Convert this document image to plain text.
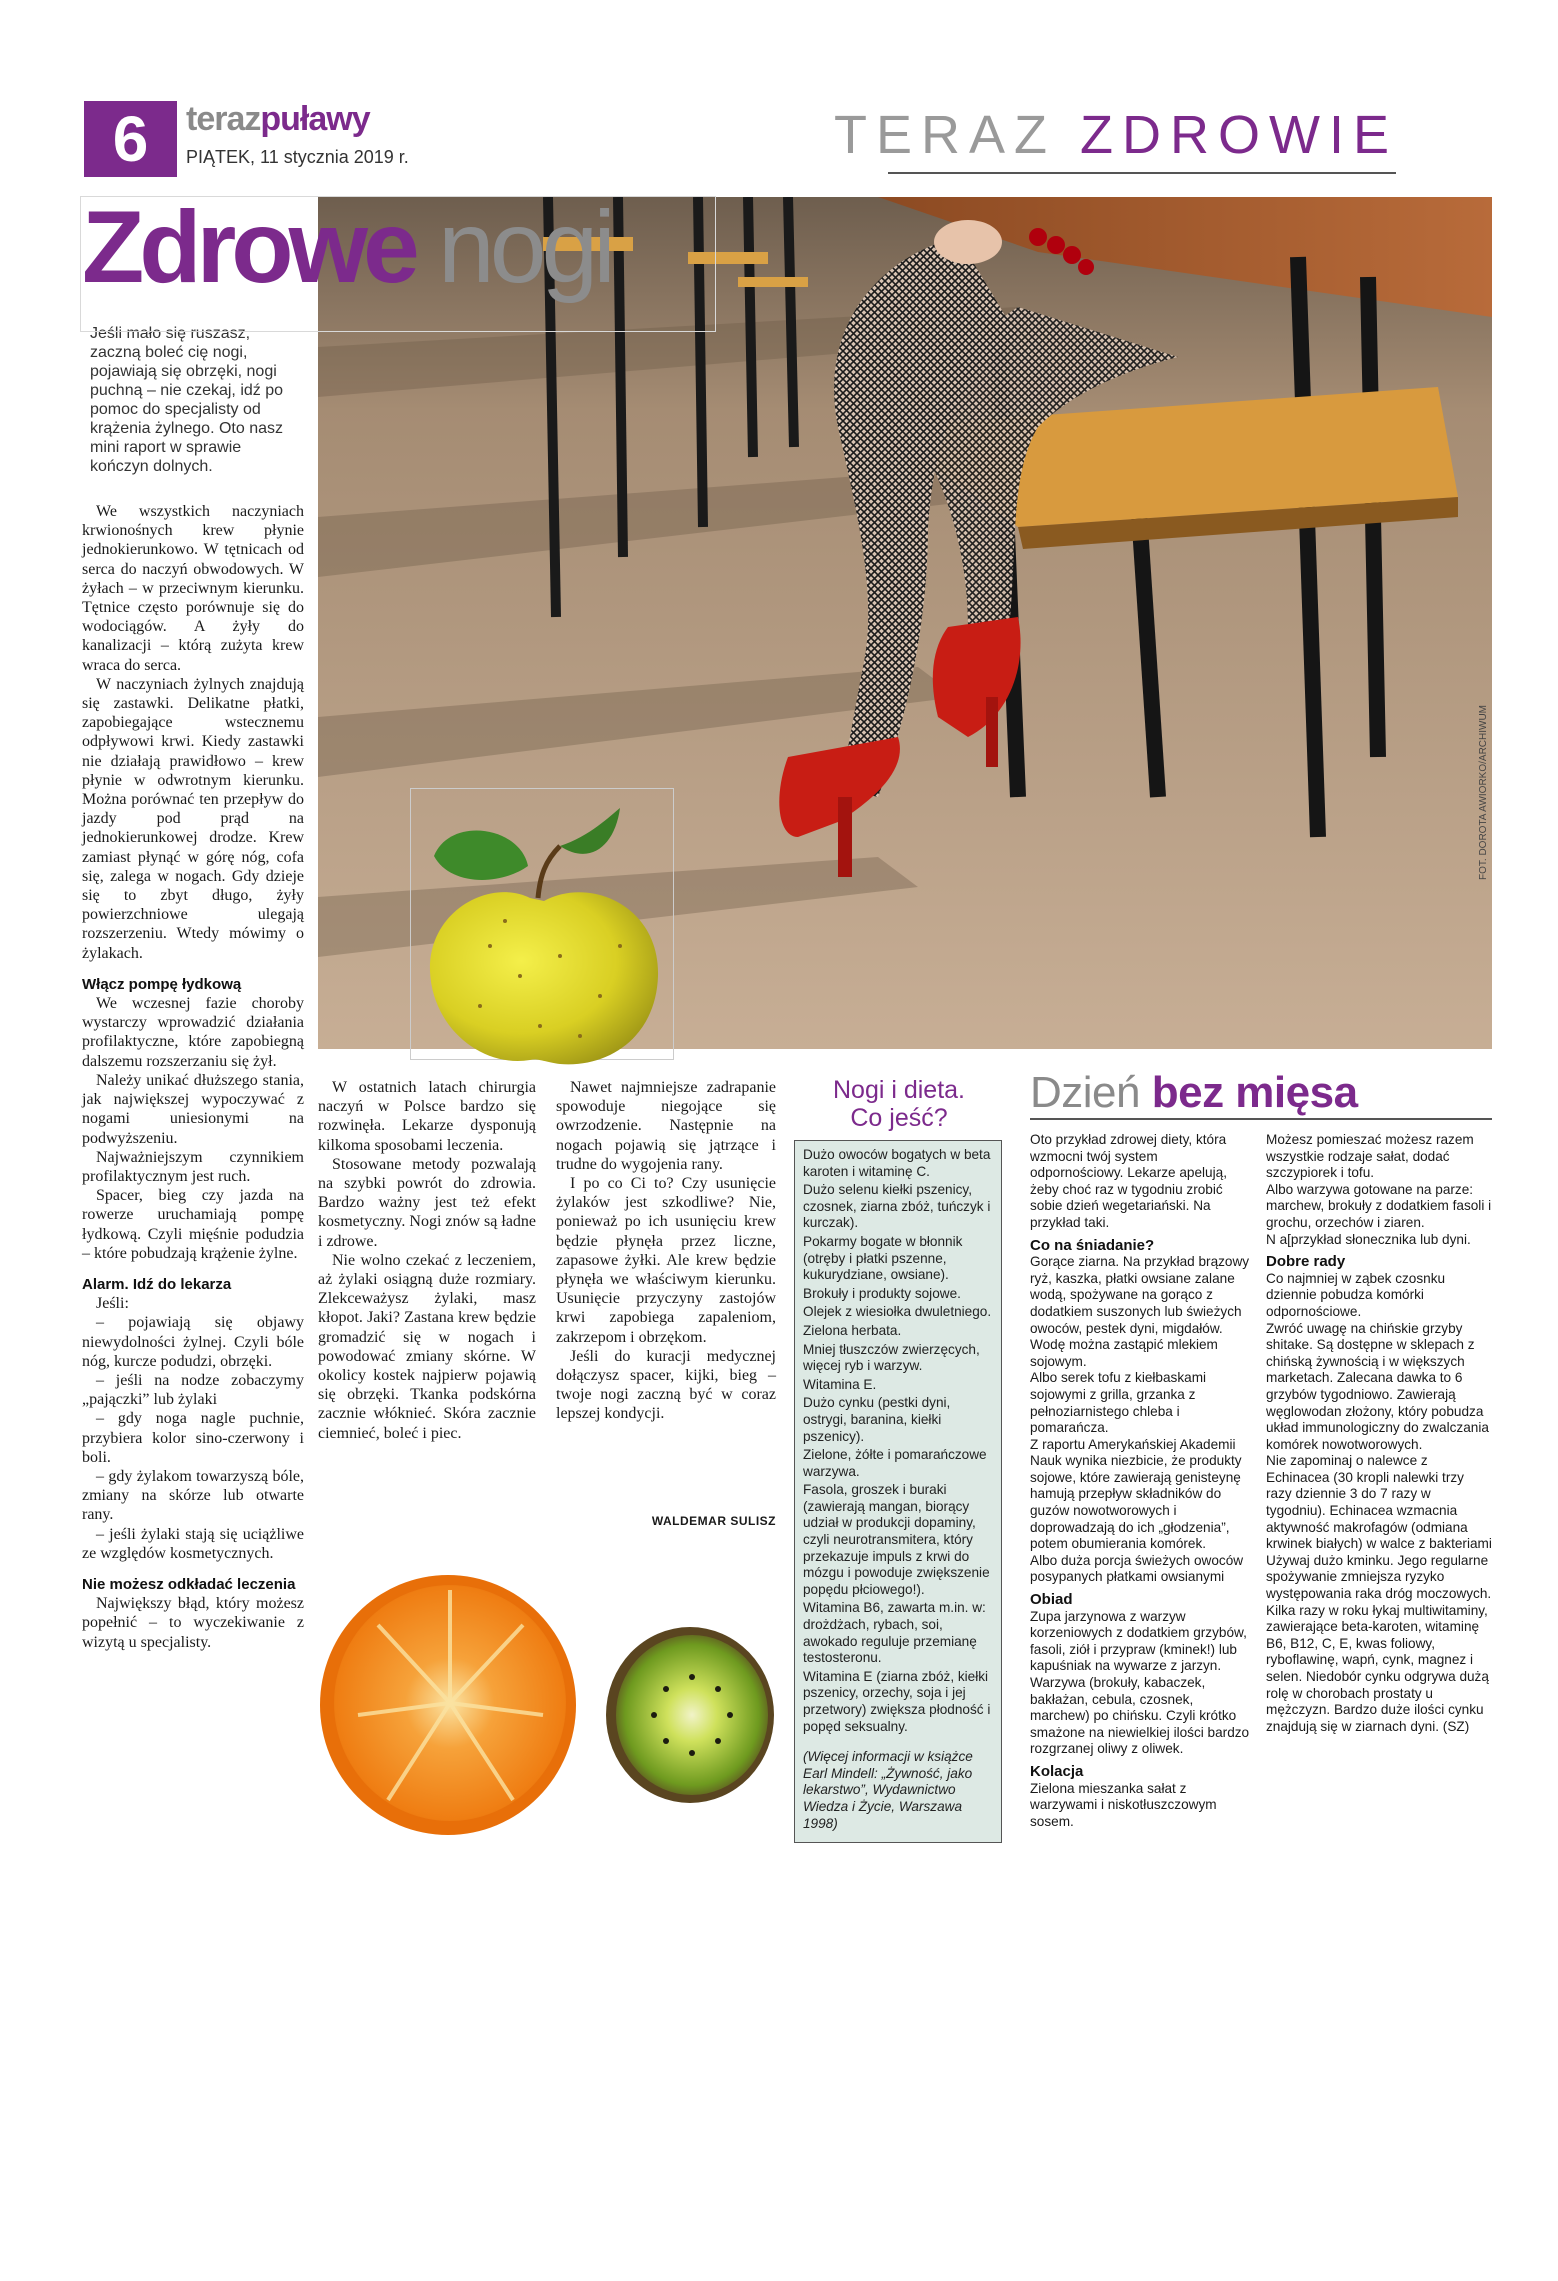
6	terazpuławy
PIĄTEK, 11 stycznia 2019 r.	TERAZ ZDROWIE
FOT. DOROTA AWIORKO/ARCHIWUM
Zdrowe nogi
Jeśli mało się ruszasz, zaczną boleć cię nogi, pojawiają się obrzęki, nogi puchną – nie czekaj, idź po pomoc do specjalisty od krążenia żylnego. Oto nasz mini raport w sprawie kończyn dolnych.

We wszystkich naczyniach krwionośnych krew płynie jednokierunkowo. W tętnicach od serca do naczyń obwodowych. W żyłach – w przeciwnym kierunku. Tętnice często porównuje się do wodociągów. A żyły do kanalizacji – którą zużyta krew wraca do serca.

W naczyniach żylnych znajdują się zastawki. Delikatne płatki, zapobiegające wstecznemu odpływowi krwi. Kiedy zastawki nie działają prawidłowo – krew płynie w odwrotnym kierunku. Można porównać ten przepływ do jazdy pod prąd na jednokierunkowej drodze. Krew zamiast płynąć w górę nóg, cofa się, zalega w nogach. Gdy dzieje się to zbyt długo, żyły powierzchniowe ulegają rozszerzeniu. Wtedy mówimy o żylakach.

Włącz pompę łydkową

We wczesnej fazie choroby wystarczy wprowadzić działania profilaktyczne, które zapobiegną dalszemu rozszerzaniu się żył.

Należy unikać dłuższego stania, jak największej wypoczywać z nogami uniesionymi na podwyższeniu.

Najważniejszym czynnikiem profilaktycznym jest ruch.

Spacer, bieg czy jazda na rowerze uruchamiają pompę łydkową. Czyli mięśnie podudzia – które pobudzają krążenie żylne.

Alarm. Idź do lekarza

Jeśli:

– pojawiają się objawy niewydolności żylnej. Czyli bóle nóg, kurcze podudzi, obrzęki.

– jeśli na nodze zobaczymy „pajączki” lub żylaki

– gdy noga nagle puchnie, przybiera kolor sino-czerwony i boli.

– gdy żylakom towarzyszą bóle, zmiany na skórze lub otwarte rany.

– jeśli żylaki stają się uciążliwe ze względów kosmetycznych.

Nie możesz odkładać leczenia

Największy błąd, który możesz popełnić – to wyczekiwanie z wizytą u specjalisty.

W ostatnich latach chirurgia naczyń w Polsce bardzo się rozwinęła. Lekarze dysponują kilkoma sposobami leczenia.

Stosowane metody pozwalają na szybki powrót do zdrowia. Bardzo ważny jest też efekt kosmetyczny. Nogi znów są ładne i zdrowe.

Nie wolno czekać z leczeniem, aż żylaki osiągną duże rozmiary. Zlekceważysz żylaki, masz kłopot. Jaki? Zastana krew będzie gromadzić się w nogach i powodować zmiany skórne. W okolicy kostek najpierw pojawią się obrzęki. Tkanka podskórna zacznie włóknieć. Skóra zacznie ciemnieć, boleć i piec.

Nawet najmniejsze zadrapanie spowoduje niegojące się owrzodzenie. Następnie na nogach pojawią się jątrzące i trudne do wygojenia rany.

I po co Ci to? Czy usunięcie żylaków jest szkodliwe? Nie, ponieważ po ich usunięciu krew będzie płynęła przez liczne, zapasowe żyłki. Ale krew będzie płynęła we właściwym kierunku. Usunięcie przyczyny zastojów krwi zapobiega zapaleniom, zakrzepom i obrzękom.

Jeśli do kuracji medycznej dołączysz spacer, kijki, bieg – twoje nogi zaczną być w coraz lepszej kondycji.

WALDEMAR SULISZ
Nogi i dieta.
Co jeść?
Dużo owoców bogatych w beta karoten i witaminę C.
Dużo selenu kiełki pszenicy, czosnek, ziarna zbóż, tuńczyk i kurczak).
Pokarmy bogate w błonnik (otręby i płatki pszenne, kukurydziane, owsiane).
Brokuły i produkty sojowe.
Olejek z wiesiołka dwuletniego.
Zielona herbata.
Mniej tłuszczów zwierzęcych, więcej ryb i warzyw.
Witamina E.
Dużo cynku (pestki dyni, ostrygi, baranina, kiełki pszenicy).
Zielone, żółte i pomarańczowe warzywa.
Fasola, groszek i buraki (zawierają mangan, biorący udział w produkcji dopaminy, czyli neurotransmitera, który przekazuje impuls z krwi do mózgu i powoduje zwiększenie popędu płciowego!).
Witamina B6, zawarta m.in. w: drożdżach, rybach, soi, awokado reguluje przemianę testosteronu.
Witamina E (ziarna zbóż, kiełki pszenicy, orzechy, soja i jej przetwory) zwiększa płodność i popęd seksualny.
(Więcej informacji w książce Earl Mindell: „Żywność, jako lekarstwo”, Wydawnictwo Wiedza i Życie, Warszawa 1998)
Dzień bez mięsa

Oto przykład zdrowej diety, która wzmocni twój system odpornościowy. Lekarze apelują, żeby choć raz w tygodniu zrobić sobie dzień wegetariański. Na przykład taki.

Co na śniadanie?

Gorące ziarna. Na przykład brązowy ryż, kaszka, płatki owsiane zalane wodą, spożywane na gorąco z dodatkiem suszonych lub świeżych owoców, pestek dyni, migdałów. Wodę można zastąpić mlekiem sojowym.

Albo serek tofu z kiełbaskami sojowymi z grilla, grzanka z pełnoziarnistego chleba i pomarańcza.

Z raportu Amerykańskiej Akademii Nauk wynika niezbicie, że produkty sojowe, które zawierają genisteynę hamują przepływ składników do guzów nowotworowych i doprowadzają do ich „głodzenia”, potem obumierania komórek.

Albo duża porcja świeżych owoców posypanych płatkami owsianymi

Obiad

Zupa jarzynowa z warzyw korzeniowych z dodatkiem grzybów, fasoli, ziół i przypraw (kminek!) lub kapuśniak na wywarze z jarzyn.

Warzywa (brokuły, kabaczek, bakłażan, cebula, czosnek, marchew) po chińsku. Czyli krótko smażone na niewielkiej ilości bardzo rozgrzanej oliwy z oliwek.

Kolacja

Zielona mieszanka sałat z warzywami i niskotłuszczowym sosem.

Możesz pomieszać możesz razem wszystkie rodzaje sałat, dodać szczypiorek i tofu.

Albo warzywa gotowane na parze: marchew, brokuły z dodatkiem fasoli i grochu, orzechów i ziaren.

N a[przykład słonecznika lub dyni.

Dobre rady

Co najmniej w ząbek czosnku dziennie pobudza komórki odpornościowe.

Zwróć uwagę na chińskie grzyby shitake. Są dostępne w sklepach z chińską żywnością i w większych marketach. Zalecana dawka to 6 grzybów tygodniowo. Zawierają węglowodan złożony, który pobudza układ immunologiczny do zwalczania komórek nowotworowych.

Nie zapominaj o nalewce z Echinacea (30 kropli nalewki trzy razy dziennie 3 do 7 razy w tygodniu). Echinacea wzmacnia aktywność makrofagów (odmiana krwinek białych) w walce z bakteriami Używaj dużo kminku. Jego regularne spożywanie zmniejsza ryzyko występowania raka dróg moczowych.

Kilka razy w roku łykaj multiwitaminy, zawierające beta-karoten, witaminę B6, B12, C, E, kwas foliowy, ryboflawinę, wapń, cynk, magnez i selen. Niedobór cynku odgrywa dużą rolę w chorobach prostaty u mężczyzn. Bardzo duże ilości cynku znajdują się w ziarnach dyni. (SZ)
